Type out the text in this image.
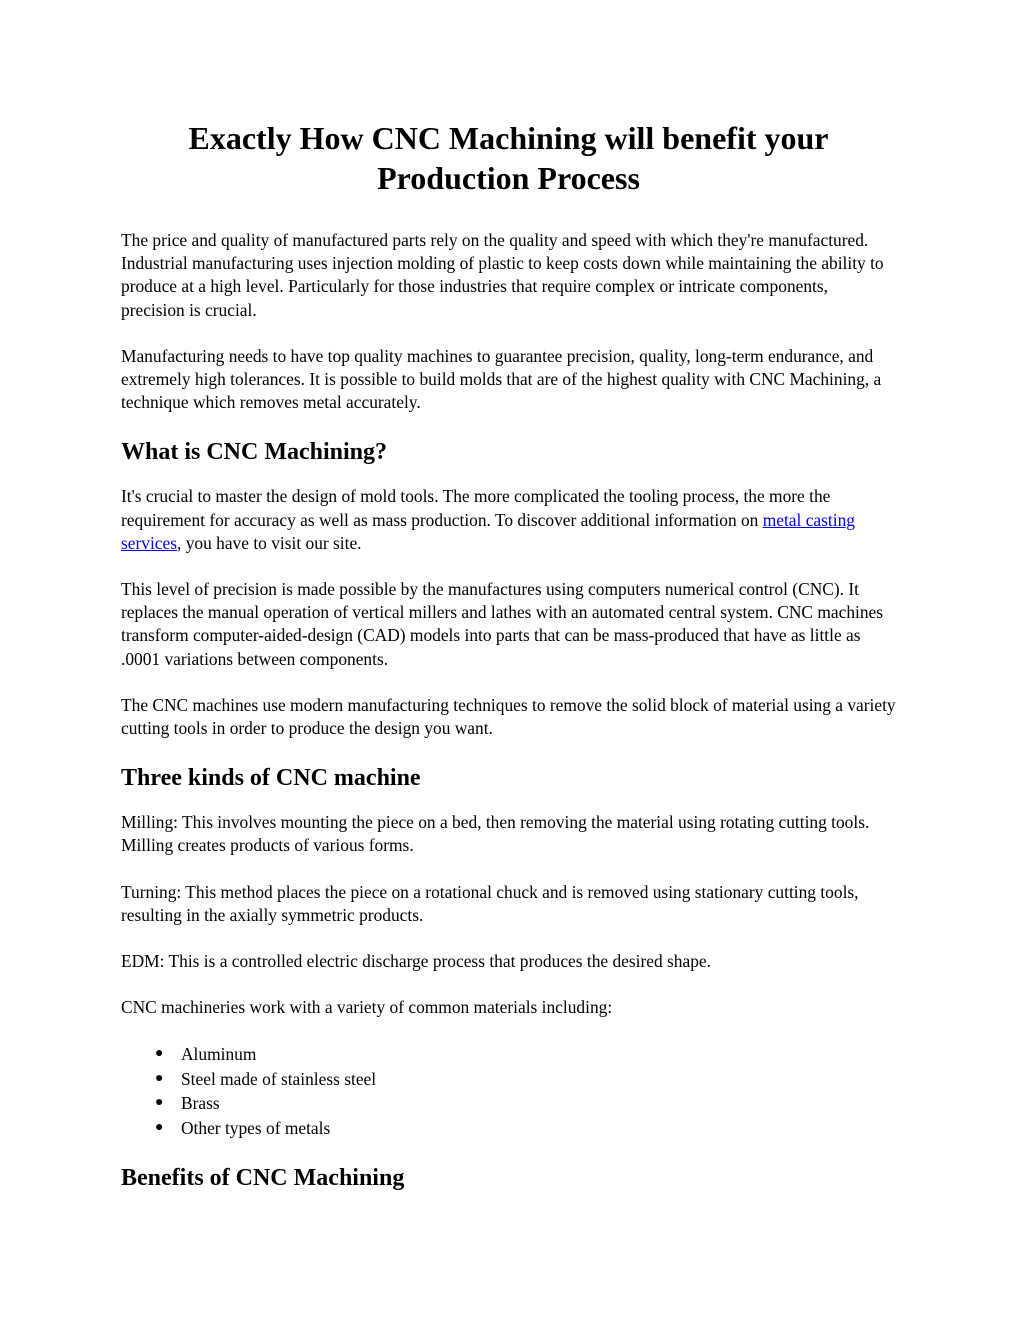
Exactly How CNC Machining will benefit your
Production Process

The price and quality of manufactured parts rely on the quality and speed with which they're manufactured. Industrial manufacturing uses injection molding of plastic to keep costs down while maintaining the ability to produce at a high level. Particularly for those industries that require complex or intricate components, precision is crucial.

Manufacturing needs to have top quality machines to guarantee precision, quality, long-term endurance, and extremely high tolerances. It is possible to build molds that are of the highest quality with CNC Machining, a technique which removes metal accurately.

What is CNC Machining?

It's crucial to master the design of mold tools. The more complicated the tooling process, the more the requirement for accuracy as well as mass production. To discover additional information on metal casting services, you have to visit our site.

This level of precision is made possible by the manufactures using computers numerical control (CNC). It replaces the manual operation of vertical millers and lathes with an automated central system. CNC machines transform computer-aided-design (CAD) models into parts that can be mass-produced that have as little as .0001 variations between components.

The CNC machines use modern manufacturing techniques to remove the solid block of material using a variety cutting tools in order to produce the design you want.

Three kinds of CNC machine

Milling: This involves mounting the piece on a bed, then removing the material using rotating cutting tools. Milling creates products of various forms.

Turning: This method places the piece on a rotational chuck and is removed using stationary cutting tools, resulting in the axially symmetric products.

EDM: This is a controlled electric discharge process that produces the desired shape.

CNC machineries work with a variety of common materials including:

● Aluminum
● Steel made of stainless steel
● Brass
● Other types of metals
Benefits of CNC Machining
